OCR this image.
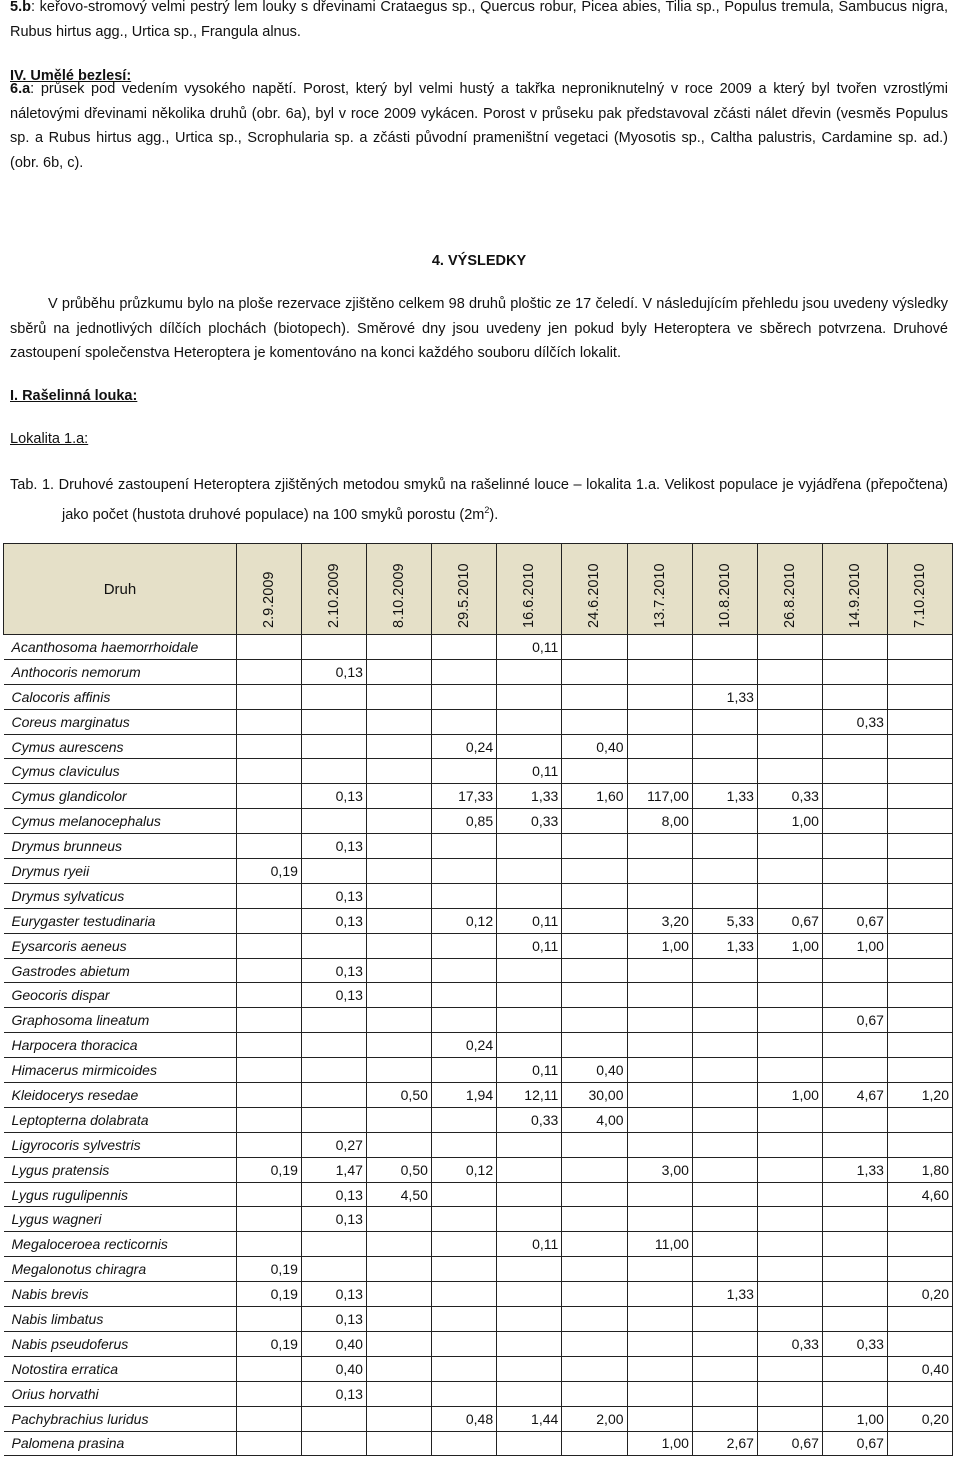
5.b: keřovo-stromový velmi pestrý lem louky s dřevinami Crataegus sp., Quercus robur, Picea abies, Tilia sp., Populus tremula, Sambucus nigra, Rubus hirtus agg., Urtica sp., Frangula alnus.

IV. Umělé bezlesí:

6.a: průsek pod vedením vysokého napětí. Porost, který byl velmi hustý a takřka neproniknutelný v roce 2009 a který byl tvořen vzrostlými náletovými dřevinami několika druhů (obr. 6a), byl v roce 2009 vykácen. Porost v průseku pak představoval zčásti nálet dřevin (vesměs Populus sp. a Rubus hirtus agg., Urtica sp., Scrophularia sp. a zčásti původní prameništní vegetaci (Myosotis sp., Caltha palustris, Cardamine sp. ad.) (obr. 6b, c).

4. VÝSLEDKY
V průběhu průzkumu bylo na ploše rezervace zjištěno celkem 98 druhů ploštic ze 17 čeledí. V následujícím přehledu jsou uvedeny výsledky sběrů na jednotlivých dílčích plochách (biotopech). Směrové dny jsou uvedeny jen pokud byly Heteroptera ve sběrech potvrzena. Druhové zastoupení společenstva Heteroptera je komentováno na konci každého souboru dílčích lokalit.
I. Rašelinná louka:
Lokalita 1.a:
Tab. 1. Druhové zastoupení Heteroptera zjištěných metodou smyků na rašelinné louce – lokalita 1.a. Velikost populace je vyjádřena (přepočtena) jako počet (hustota druhové populace) na 100 smyků porostu $(2m^2)$.
Druh	2.9.2009	2.10.2009	8.10.2009	29.5.2010	16.6.2010	24.6.2010	13.7.2010	10.8.2010	26.8.2010	14.9.2010	7.10.2010

Acanthosoma haemorrhoidale					0,11						
Anthocoris nemorum		0,13									
Calocoris affinis								1,33			
Coreus marginatus										0,33	
Cymus aurescens				0,24		0,40					
Cymus claviculus					0,11						
Cymus glandicolor		0,13		17,33	1,33	1,60	117,00	1,33	0,33		
Cymus melanocephalus				0,85	0,33		8,00		1,00		
Drymus brunneus		0,13									
Drymus ryeii	0,19										
Drymus sylvaticus		0,13									
Eurygaster testudinaria		0,13		0,12	0,11		3,20	5,33	0,67	0,67	
Eysarcoris aeneus					0,11		1,00	1,33	1,00	1,00	
Gastrodes abietum		0,13									
Geocoris dispar		0,13									
Graphosoma lineatum										0,67	
Harpocera thoracica				0,24							
Himacerus mirmicoides					0,11	0,40					
Kleidocerys resedae			0,50	1,94	12,11	30,00			1,00	4,67	1,20
Leptopterna dolabrata					0,33	4,00					
Ligyrocoris sylvestris		0,27									
Lygus pratensis	0,19	1,47	0,50	0,12			3,00			1,33	1,80
Lygus rugulipennis		0,13	4,50								4,60
Lygus wagneri		0,13									
Megaloceroea recticornis					0,11		11,00				
Megalonotus chiragra	0,19										
Nabis brevis	0,19	0,13						1,33			0,20
Nabis limbatus		0,13									
Nabis pseudoferus	0,19	0,40							0,33	0,33	
Notostira erratica		0,40									0,40
Orius horvathi		0,13									
Pachybrachius luridus				0,48	1,44	2,00				1,00	0,20
Palomena prasina							1,00	2,67	0,67	0,67	
